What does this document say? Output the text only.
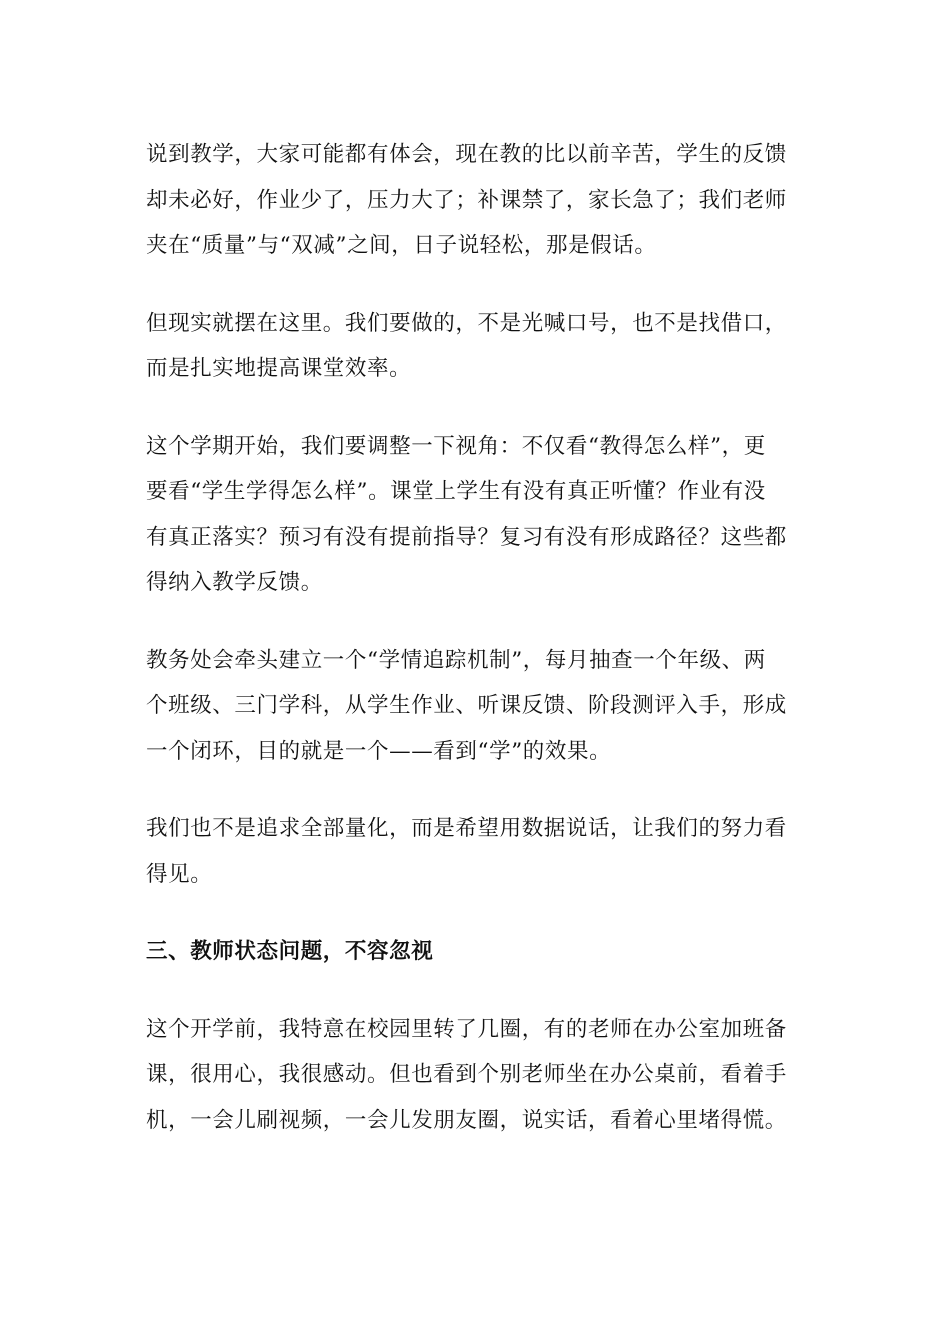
说到教学，大家可能都有体会，现在教的比以前辛苦，学生的反馈
却未必好，作业少了，压力大了；补课禁了，家长急了；我们老师
夹在“质量”与“双减”之间，日子说轻松，那是假话。

但现实就摆在这里。我们要做的，不是光喊口号，也不是找借口，
而是扎实地提高课堂效率。

这个学期开始，我们要调整一下视角：不仅看“教得怎么样”，更
要看“学生学得怎么样”。课堂上学生有没有真正听懂？作业有没
有真正落实？预习有没有提前指导？复习有没有形成路径？这些都
得纳入教学反馈。

教务处会牵头建立一个“学情追踪机制”，每月抽查一个年级、两
个班级、三门学科，从学生作业、听课反馈、阶段测评入手，形成
一个闭环，目的就是一个——看到“学”的效果。

我们也不是追求全部量化，而是希望用数据说话，让我们的努力看
得见。

三、教师状态问题，不容忽视

这个开学前，我特意在校园里转了几圈，有的老师在办公室加班备
课，很用心，我很感动。但也看到个别老师坐在办公桌前，看着手
机，一会儿刷视频，一会儿发朋友圈，说实话，看着心里堵得慌。
